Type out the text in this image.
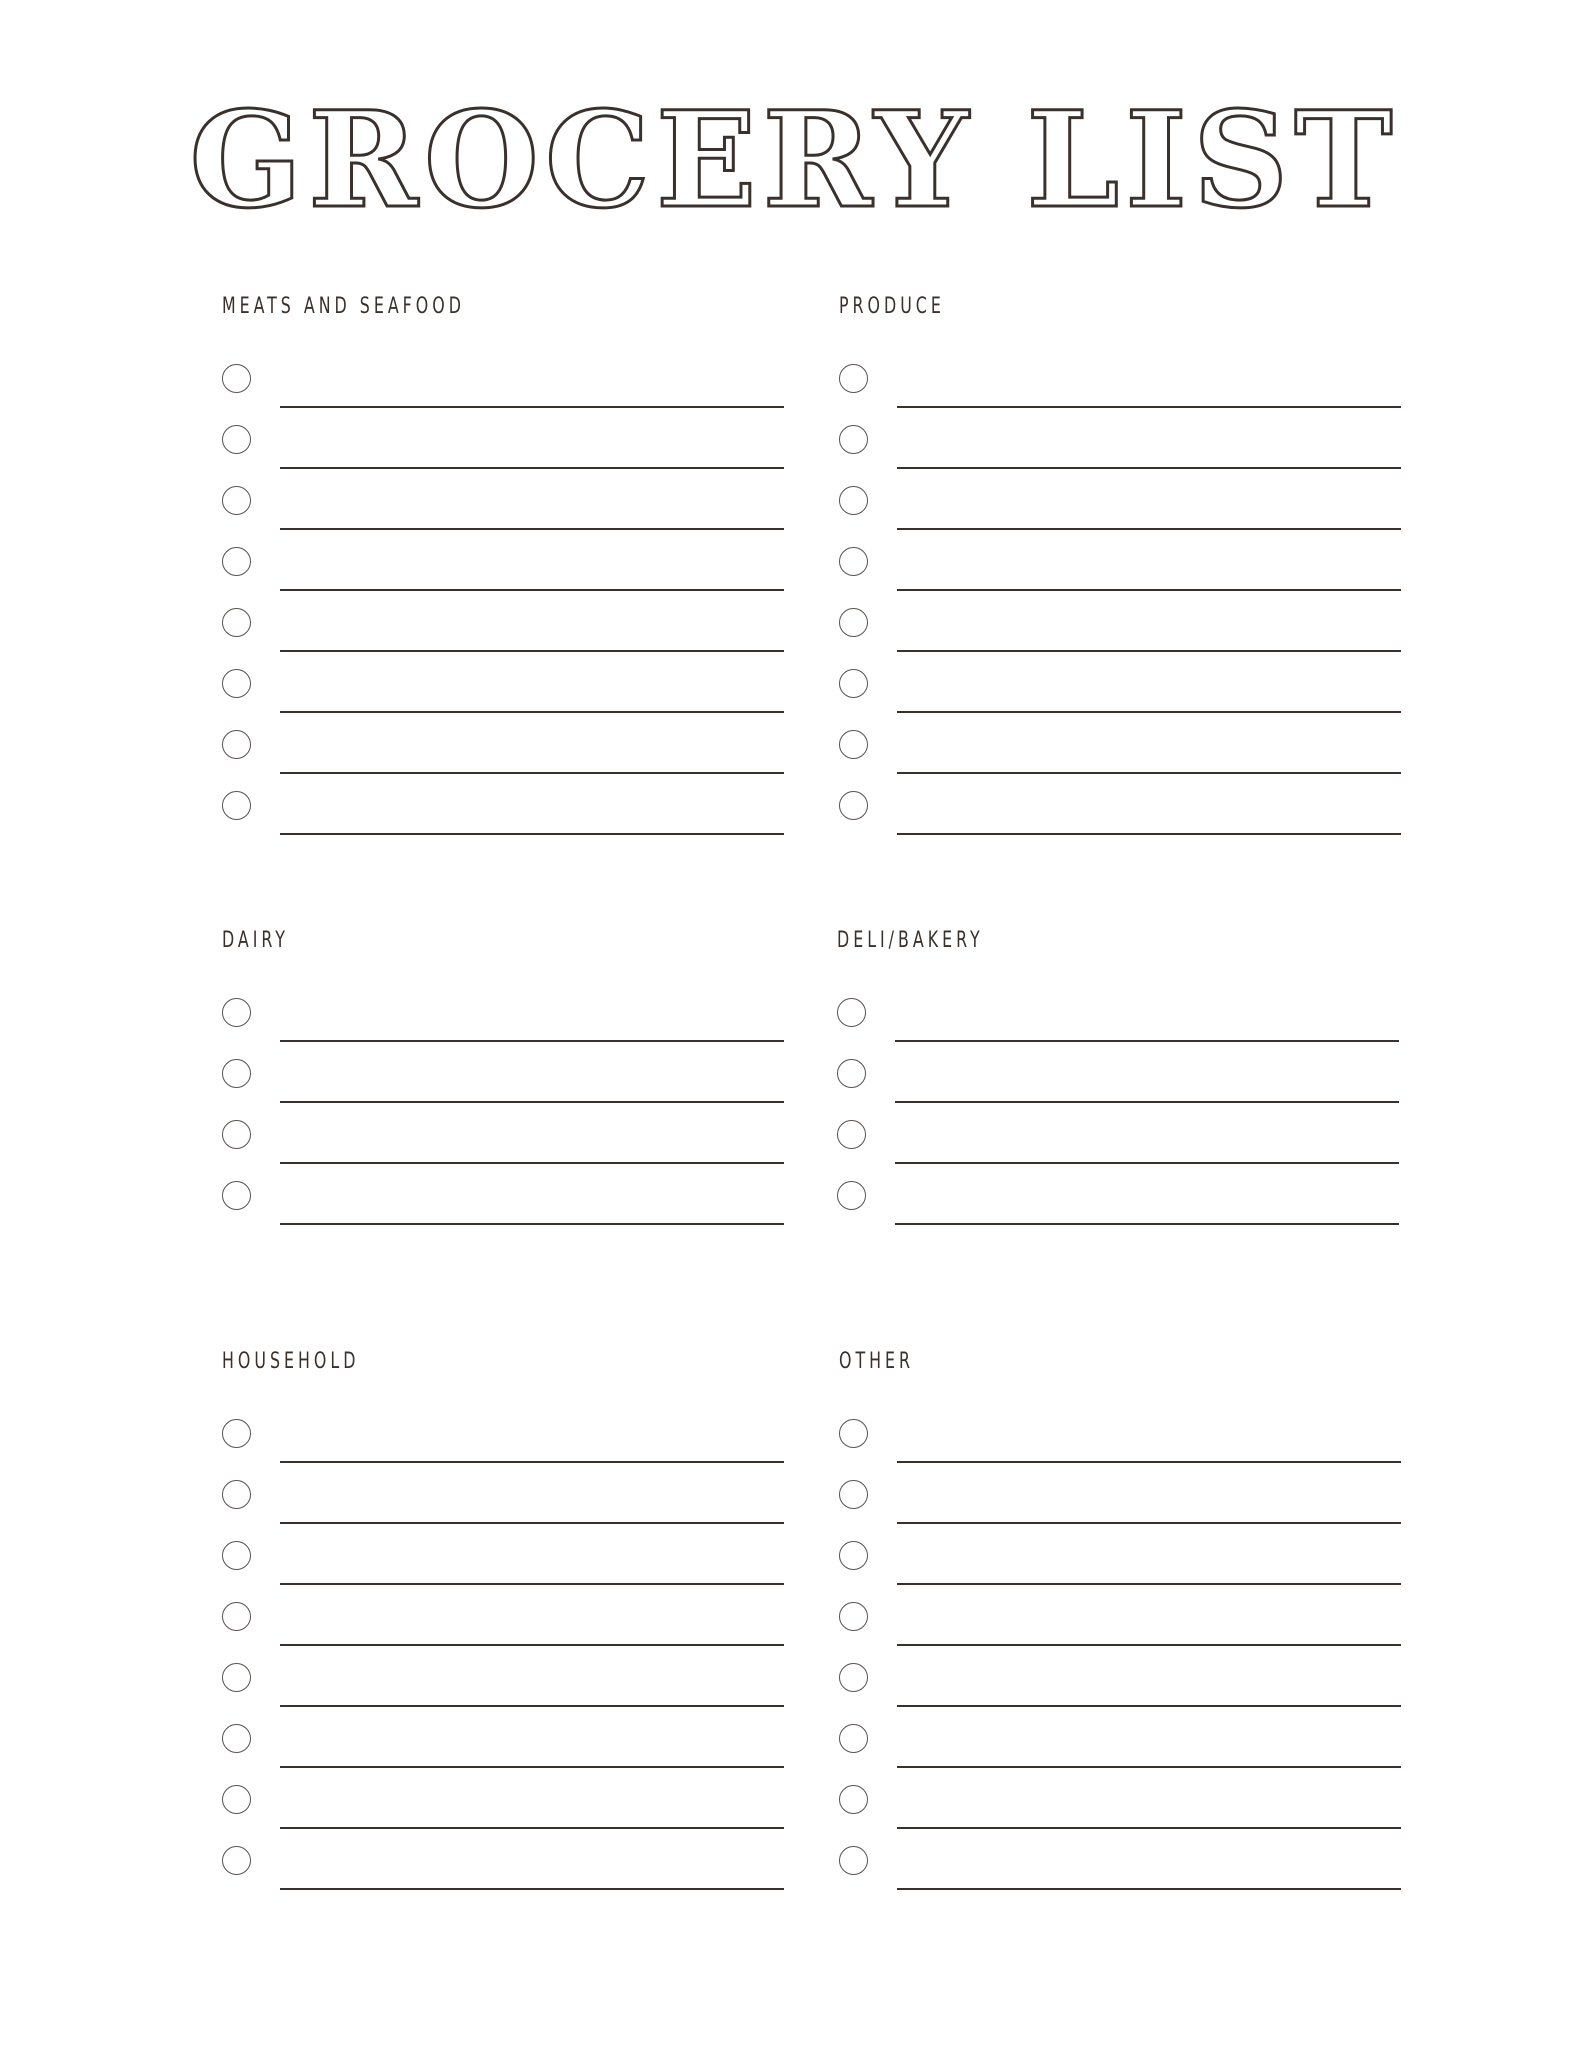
GROCERY LIST
MEATS AND SEAFOOD	PRODUCE
DAIRY	DELI/BAKERY
HOUSEHOLD	OTHER
